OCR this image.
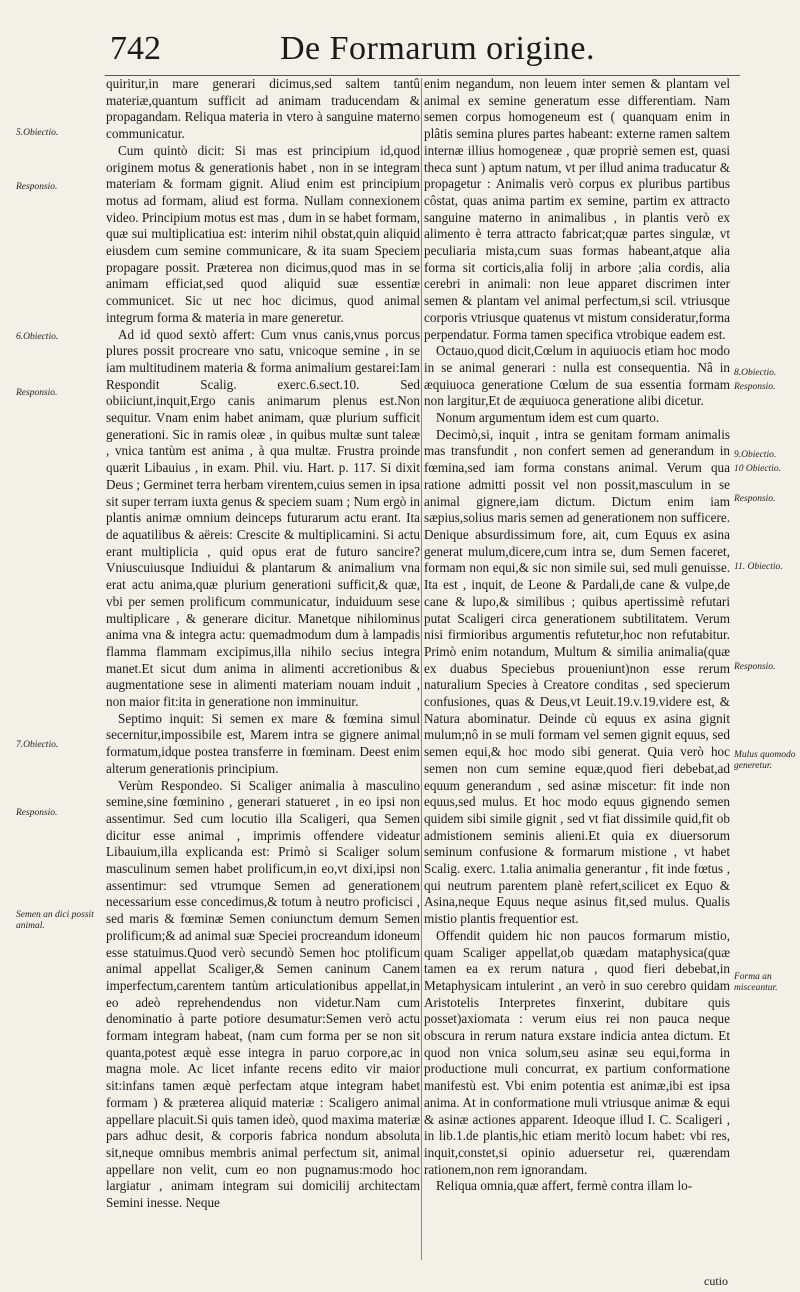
742	De Formarum origine.
5.Obiectio.
Responsio.
6.Obiectio.
Responsio.
7.Obiectio.
Responsio.
Semen an dici possit animal.

quiritur,in mare generari dicimus,sed saltem tantû materiæ,quantum sufficit ad animam traducendam & propagandam. Reliqua materia in vtero à sanguine materno communicatur.

Cum quintò dicit: Si mas est principium id,quod originem motus & generationis habet , non in se integram materiam & formam gignit. Aliud enim est principium motus ad formam, aliud est forma. Nullam connexionem video. Principium motus est mas , dum in se habet formam, quæ sui multiplicatiua est: interim nihil obstat,quin aliquid eiusdem cum semine communicare, & ita suam Speciem propagare possit. Præterea non dicimus,quod mas in se animam efficiat,sed quod aliquid suæ essentiæ communicet. Sic ut nec hoc dicimus, quod animal integrum forma & materia in mare generetur.

Ad id quod sextò affert: Cum vnus canis,vnus porcus plures possit procreare vno satu, vnicoque semine , in se iam multitudinem materia & forma animalium gestarei:Iam Respondit Scalig. exerc.6.sect.10. Sed obiiciunt,inquit,Ergo canis animarum plenus est.Non sequitur. Vnam enim habet animam, quæ plurium sufficit generationi. Sic in ramis oleæ , in quibus multæ sunt taleæ , vnica tantùm est anima , à qua multæ. Frustra proinde quærit Libauius , in exam. Phil. viu. Hart. p. 117. Si dixit Deus ; Germinet terra herbam virentem,cuius semen in ipsa sit super terram iuxta genus & speciem suam ; Num ergò in plantis animæ omnium deinceps futurarum actu erant. Ita de aquatilibus & aëreis: Crescite & multiplicamini. Si actu erant multiplicia , quid opus erat de futuro sancire? Vniuscuiusque Indiuidui & plantarum & animalium vna erat actu anima,quæ plurium generationi sufficit,& quæ, vbi per semen prolificum communicatur, induiduum sese multiplicare , & generare dicitur. Manetque nihilominus anima vna & integra actu: quemadmodum dum à lampadis flamma flammam excipimus,illa nihilo secius integra manet.Et sicut dum anima in alimenti accretionibus & augmentatione sese in alimenti materiam nouam induit , non maior fit:ita in generatione non imminuitur.

Septimo inquit: Si semen ex mare & fœmina simul secernitur,impossibile est, Marem intra se gignere animal formatum,idque postea transferre in fœminam. Deest enim alterum generationis principium.

Verùm Respondeo. Si Scaliger animalia à masculino semine,sine fœminino , generari statueret , in eo ipsi non assentimur. Sed cum locutio illa Scaligeri, qua Semen dicitur esse animal , imprimis offendere videatur Libauium,illa explicanda est: Primò si Scaliger solum masculinum semen habet prolificum,in eo,vt dixi,ipsi non assentimur: sed vtrumque Semen ad generationem necessarium esse concedimus,& totum à neutro proficisci , sed maris & fœminæ Semen coniunctum demum Semen prolificum;& ad animal suæ Speciei procreandum idoneum esse statuimus.Quod verò secundò Semen hoc ptolificum animal appellat Scaliger,& Semen caninum Canem imperfectum,carentem tantùm articulationibus appellat,in eo adeò reprehendendus non videtur.Nam cum denominatio à parte potiore desumatur:Semen verò actu formam integram habeat, (nam cum forma per se non sit quanta,potest æquè esse integra in paruo corpore,ac in magna mole. Ac licet infante recens edito vir maior sit:infans tamen æquè perfectam atque integram habet formam ) & præterea aliquid materiæ : Scaligero animal appellare placuit.Si quis tamen ideò, quod maxima materiæ pars adhuc desit, & corporis fabrica nondum absoluta sit,neque omnibus membris animal perfectum sit, animal appellare non velit, cum eo non pugnamus:modo hoc largiatur , animam integram sui domicilij architectam Semini inesse. Neque

enim negandum, non leuem inter semen & plantam vel animal ex semine generatum esse differentiam. Nam semen corpus homogeneum est ( quanquam enim in plâtis semina plures partes habeant: externe ramen saltem internæ illius homogeneæ , quæ propriè semen est, quasi theca sunt ) aptum natum, vt per illud anima traducatur & propagetur : Animalis verò corpus ex pluribus partibus côstat, quas anima partim ex semine, partim ex attracto sanguine materno in animalibus , in plantis verò ex alimento è terra attracto fabricat;quæ partes singulæ, vt peculiaria mista,cum suas formas habeant,atque alia forma sit corticis,alia folij in arbore ;alia cordis, alia cerebri in animali: non leue apparet discrimen inter semen & plantam vel animal perfectum,si scil. vtriusque corporis vtriusque quatenus vt mistum consideratur,forma perpendatur. Forma tamen specifica vtrobique eadem est.

Octauo,quod dicit,Cœlum in aquiuocis etiam hoc modo in se animal generari : nulla est consequentia. Nâ in æquiuoca generatione Cœlum de sua essentia formam non largitur,Et de æquiuoca generatione alibi dicetur.

Nonum argumentum idem est cum quarto.

Decimò,si, inquit , intra se genitam formam animalis mas transfundit , non confert semen ad generandum in fœmina,sed iam forma constans animal. Verum qua ratione admitti possit vel non possit,masculum in se animal gignere,iam dictum. Dictum enim iam sæpius,solius maris semen ad generationem non sufficere. Denique absurdissimum fore, ait, cum Equus ex asina generat mulum,dicere,cum intra se, dum Semen faceret, formam non equi,& sic non simile sui, sed muli genuisse. Ita est , inquit, de Leone & Pardali,de cane & vulpe,de cane & lupo,& similibus ; quibus apertissimè refutari putat Scaligeri circa generationem subtilitatem. Verum nisi firmioribus argumentis refutetur,hoc non refutabitur. Primò enim notandum, Multum & similia animalia(quæ ex duabus Speciebus proueniunt)non esse rerum naturalium Species à Creatore conditas , sed specierum confusiones, quas & Deus,vt Leuit.19.v.19.videre est, & Natura abominatur. Deinde cù equus ex asina gignit mulum;nô in se muli formam vel semen gignit equus, sed semen equi,& hoc modo sibi generat. Quia verò hoc semen non cum semine equæ,quod fieri debebat,ad equum generandum , sed asinæ miscetur: fit inde non equus,sed mulus. Et hoc modo equus gignendo semen quidem sibi simile gignit , sed vt fiat dissimile quid,fit ob admistionem seminis alieni.Et quia ex diuersorum seminum confusione & formarum mistione , vt habet Scalig. exerc. 1.talia animalia generantur , fit inde fœtus , qui neutrum parentem planè refert,scilicet ex Equo & Asina,neque Equus neque asinus fit,sed mulus. Qualis mistio plantis frequentior est.

Offendit quidem hic non paucos formarum mistio, quam Scaliger appellat,ob quædam mataphysica(quæ tamen ea ex rerum natura , quod fieri debebat,in Metaphysicam intulerint , an verò in suo cerebro quidam Aristotelis Interpretes finxerint, dubitare quis posset)axiomata : verum eius rei non pauca neque obscura in rerum natura exstare indicia antea dictum. Et quod non vnica solum,seu asinæ seu equi,forma in productione muli concurrat, ex partium conformatione manifestù est. Vbi enim potentia est animæ,ibi est ipsa anima. At in conformatione muli vtriusque animæ & equi & asinæ actiones apparent. Ideoque illud I. C. Scaligeri , in lib.1.de plantis,hic etiam meritò locum habet: vbi res, inquit,constet,si opinio aduersetur rei, quærendam rationem,non rem ignorandam.

Reliqua omnia,quæ affert, fermè contra illam lo-

8.Obiectio.
Responsio.
9.Obiectio.
10 Obiectio.
Responsio.
11. Obiectio.
Responsio.
Mulus quomodo generetur.
Forma an misceantur.
cutio
